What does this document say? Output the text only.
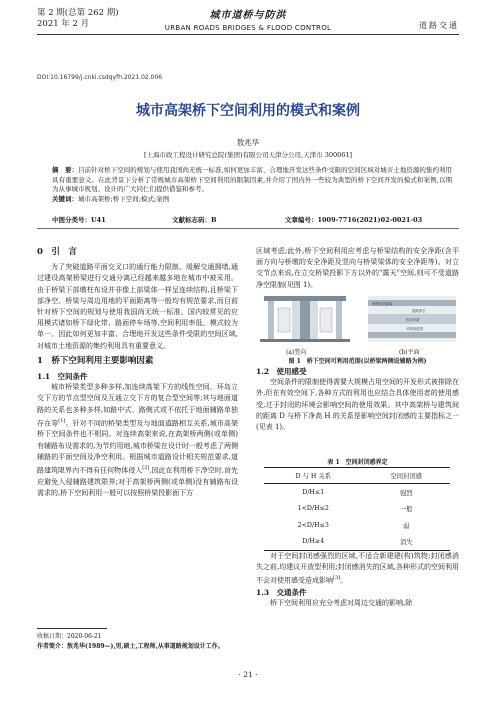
第 2 期(总第 262 期)
2021 年 2 月
城市道桥与防洪
URBAN ROADS BRIDGES & FLOOD CONTROL	道路交通
DOI:10.16799/j.cnki.csdqyfh.2021.02.006
城市高架桥下空间利用的模式和案例
敖兆华
[上海市政工程设计研究总院(集团)有限公司天津分公司,天津市 300061]
摘　要：目前针对桥下空间的规划与使用我国尚无统一标准,如何更加丰富、合理地开发这些条件受限的空间区域对城市土地资源的集约利用具有重要意义。在此背景下分析了常规城市高架桥下空间利用的限制因素,并介绍了国内外一些较为典型的桥下空间开发的模式和案例,以期为从事城市规划、设计的广大同仁们提供借鉴和参考。
关键词：城市高架桥;桥下空间;模式;案例
中图分类号：U41	文献标志码：B	文章编号：1009-7716(2021)02-0021-03
0　引　言

为了突破道路平面交叉口的通行能力限制、缓解交通拥堵,通过建设高架桥梁进行交通分离已经越来越多地在城市中被采用。由于桥梁下部墩柱布设并非像上部梁体一样呈连续结构,且桥梁下部净空、桥梁与周边用地的平面距离等一般均有规范要求,而目前针对桥下空间的规划与使用我国尚无统一标准。国内较常见的应用模式诸如桥下绿化带、路面停车场等,空间利用率低、模式较为单一。因此如何更加丰富、合理地开发这些条件受限的空间区域,对城市土地资源的集约利用具有重要意义。

1　桥下空间利用主要影响因素
1.1　空间条件

城市桥梁类型多种多样,加连续高架下方的线性空间、环岛立交下方的节点型空间及互通立交下方的复合型空间等;其与地面道路的关系也多种多样,如路中式、路侧式或不依托于地面辅路单独存在等[1]。针对不同的桥梁类型及与地面道路相互关系,城市高架桥下空间条件也不相同。对连续高架来说,在高架桥两侧(或单侧)有辅路布设需求的,为节约用地,城市桥梁在设计时一般考虑了两侧辅路的平面空间及净空利用。根据城市道路设计相关规范要求,道路建筑限界内不得有任何物体侵入[2],因此在利用桥下净空时,首先应避免入侵辅路建筑限界;对于高架桥两侧(或单侧)没有辅路布设需求的,桥下空间利用一般可以按照桥梁投影面下方

区域考虑;此外,桥下空间利用应考虑与桥梁结构的安全净距(含平面方向与桥墩的安全净距及竖向与桥梁梁体的安全净距等)。对立交节点来说,在立交桥梁投影下方以外的"露天"空间,则可不受道路净空限制(见图 1)。

桥墩安全距离
道路净空
机动车道
可利用范围
(a)竖向	(b)平面
图 1　桥下空间可利用范围(以桥梁两侧设辅路为例)
1.2　使用感受

空间条件的限制使得需要大规模占用空间的开发形式被排除在外,但在有效空间下,各种方式的利用也应结合具体使用者的使用感受,过于封闭的环境会影响空间的使用效果。其中高架桥与建筑间的距离 D 与桥下净高 H 的关系是影响空间封闭感的主要指标之一(见表 1)。

表 1　空间封闭感界定
D 与 H 关系	空间封闭感
D/H≤1	强烈
1<D/H≤2	一般
2<D/H≤3	弱
D/H≥4	消失

对于空间封闭感强烈的区域,不适合新建建(构)筑物;封闭感消失之前,均建议开放型利用;封闭感消失的区域,各种形式的空间利用不会对使用感受造成影响[3]。

1.3　交通条件

桥下空间利用应充分考虑对周边交通的影响,除

收稿日期：2020-06-21
作者简介：敖兆华(1989—),男,硕士,工程师,从事道路规划设计工作。
· 21 ·
